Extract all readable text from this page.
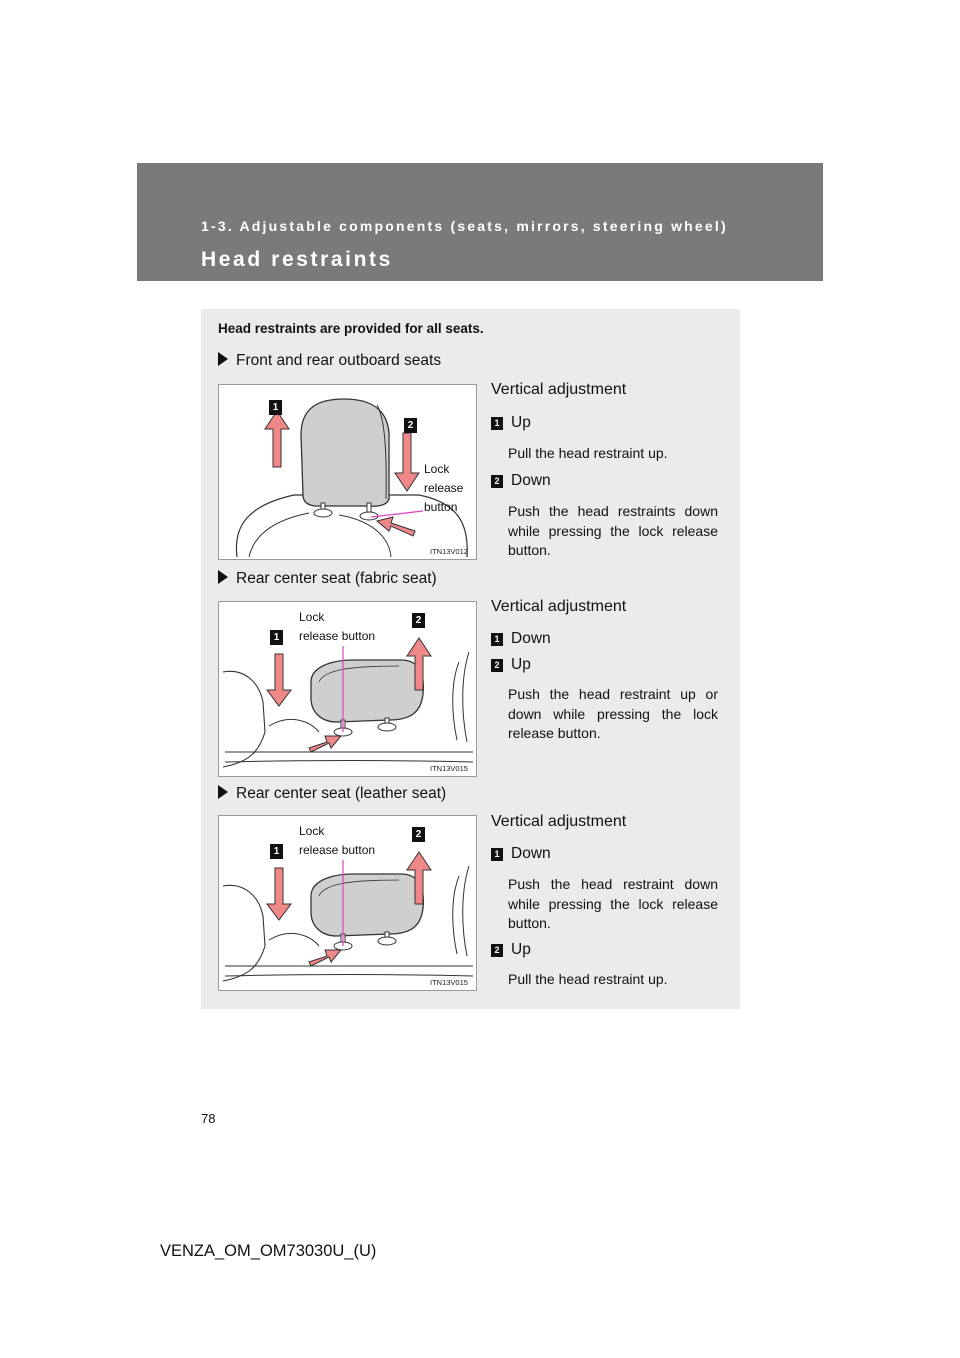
1-3. Adjustable components (seats, mirrors, steering wheel)
Head restraints
Head restraints are provided for all seats.
Front and rear outboard seats
1
2
Lock
release
button
ITN13V012
Vertical adjustment
1 Up
Pull the head restraint up.
2 Down
Push the head restraints down while pressing the lock release button.
Rear center seat (fabric seat)
1
2
Lock
release button
ITN13V015
Vertical adjustment
1 Down
2 Up
Push the head restraint up or down while pressing the lock release button.
Rear center seat (leather seat)
1
2
Lock
release button
ITN13V015
Vertical adjustment
1 Down
Push the head restraint down while pressing the lock release button.
2 Up
Pull the head restraint up.
78
VENZA_OM_OM73030U_(U)
